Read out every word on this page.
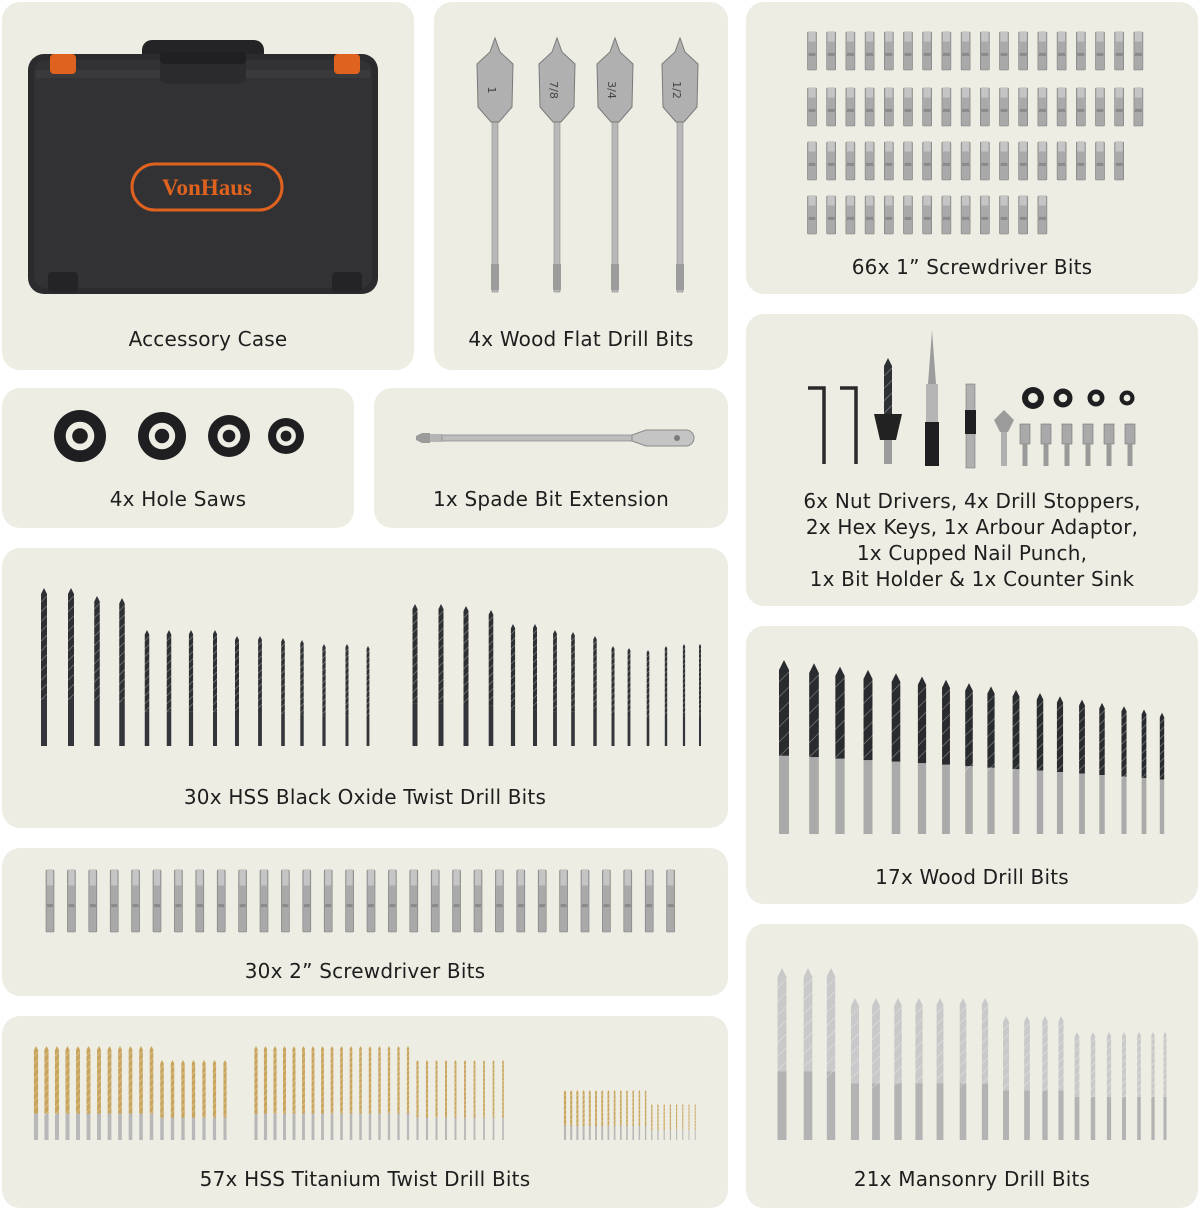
VonHaus
Accessory Case
1	7/8	3/4	1/2
4x Wood Flat Drill Bits
66x 1” Screwdriver Bits
4x Hole Saws	1x Spade Bit Extension	6x Nut Drivers, 4x Drill Stoppers,
2x Hex Keys, 1x Arbour Adaptor,
1x Cupped Nail Punch,
1x Bit Holder & 1x Counter Sink
30x HSS Black Oxide Twist Drill Bits
17x Wood Drill Bits
30x 2” Screwdriver Bits
57x HSS Titanium Twist Drill Bits	21x Mansonry Drill Bits
